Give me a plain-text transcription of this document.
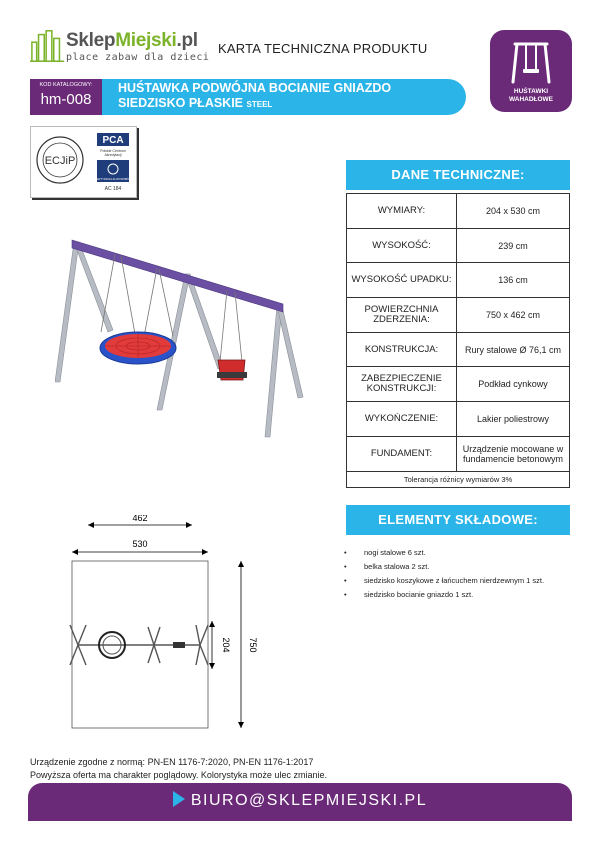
SklepMiejski.pl
place zabaw dla dzieci
KARTA TECHNICZNA PRODUKTU
HUŚTAWKI
WAHADŁOWE
KOD KATALOGOWY:
hm-008
HUŚTAWKA PODWÓJNA BOCIANIE GNIAZDO
SIEDZISKO PŁASKIE STEEL
ECJiP
PCA
Polskie Centrum
Akredytacji
CERTYFIKACJA WYROBÓW
AC 184
462
530
750
204
DANE TECHNICZNE:
WYMIARY:	204 x 530 cm
WYSOKOŚĆ:	239 cm
WYSOKOŚĆ UPADKU:	136 cm
POWIERZCHNIA ZDERZENIA:	750 x 462 cm
KONSTRUKCJA:	Rury stalowe Ø 76,1 cm
ZABEZPIECZENIE KONSTRUKCJI:	Podkład cynkowy
WYKOŃCZENIE:	Lakier poliestrowy
FUNDAMENT:	Urządzenie mocowane w fundamencie betonowym
Tolerancja różnicy wymiarów 3%
ELEMENTY SKŁADOWE:
• nogi stalowe 6 szt.
• belka stalowa 2 szt.
• siedzisko koszykowe z łańcuchem nierdzewnym 1 szt.
• siedzisko bocianie gniazdo 1 szt.
Urządzenie zgodne z normą: PN-EN 1176-7:2020, PN-EN 1176-1:2017
Powyższa oferta ma charakter poglądowy. Kolorystyka może ulec zmianie.
BIURO@SKLEPMIEJSKI.PL
